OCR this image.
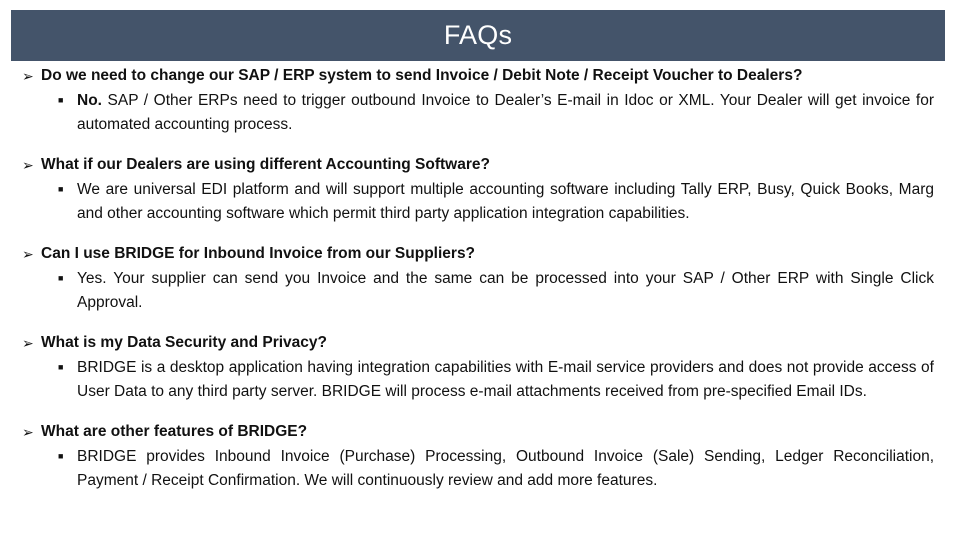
FAQs
➢ Do we need to change our SAP / ERP system to send Invoice / Debit Note / Receipt Voucher to Dealers?
■ No. SAP / Other ERPs need to trigger outbound Invoice to Dealer’s E-mail in Idoc or XML. Your Dealer will get invoice for automated accounting process.
➢ What if our Dealers are using different Accounting Software?
■ We are universal EDI platform and will support multiple accounting software including Tally ERP, Busy, Quick Books, Marg and other accounting software which permit third party application integration capabilities.
➢ Can I use BRIDGE for Inbound Invoice from our Suppliers?
■ Yes. Your supplier can send you Invoice and the same can be processed into your SAP / Other ERP with Single Click Approval.
➢ What is my Data Security and Privacy?
■ BRIDGE is a desktop application having integration capabilities with E-mail service providers and does not provide access of User Data to any third party server. BRIDGE will process e-mail attachments received from pre-specified Email IDs.
➢ What are other features of BRIDGE?
■ BRIDGE provides Inbound Invoice (Purchase) Processing, Outbound Invoice (Sale) Sending, Ledger Reconciliation, Payment / Receipt Confirmation. We will continuously review and add more features.
